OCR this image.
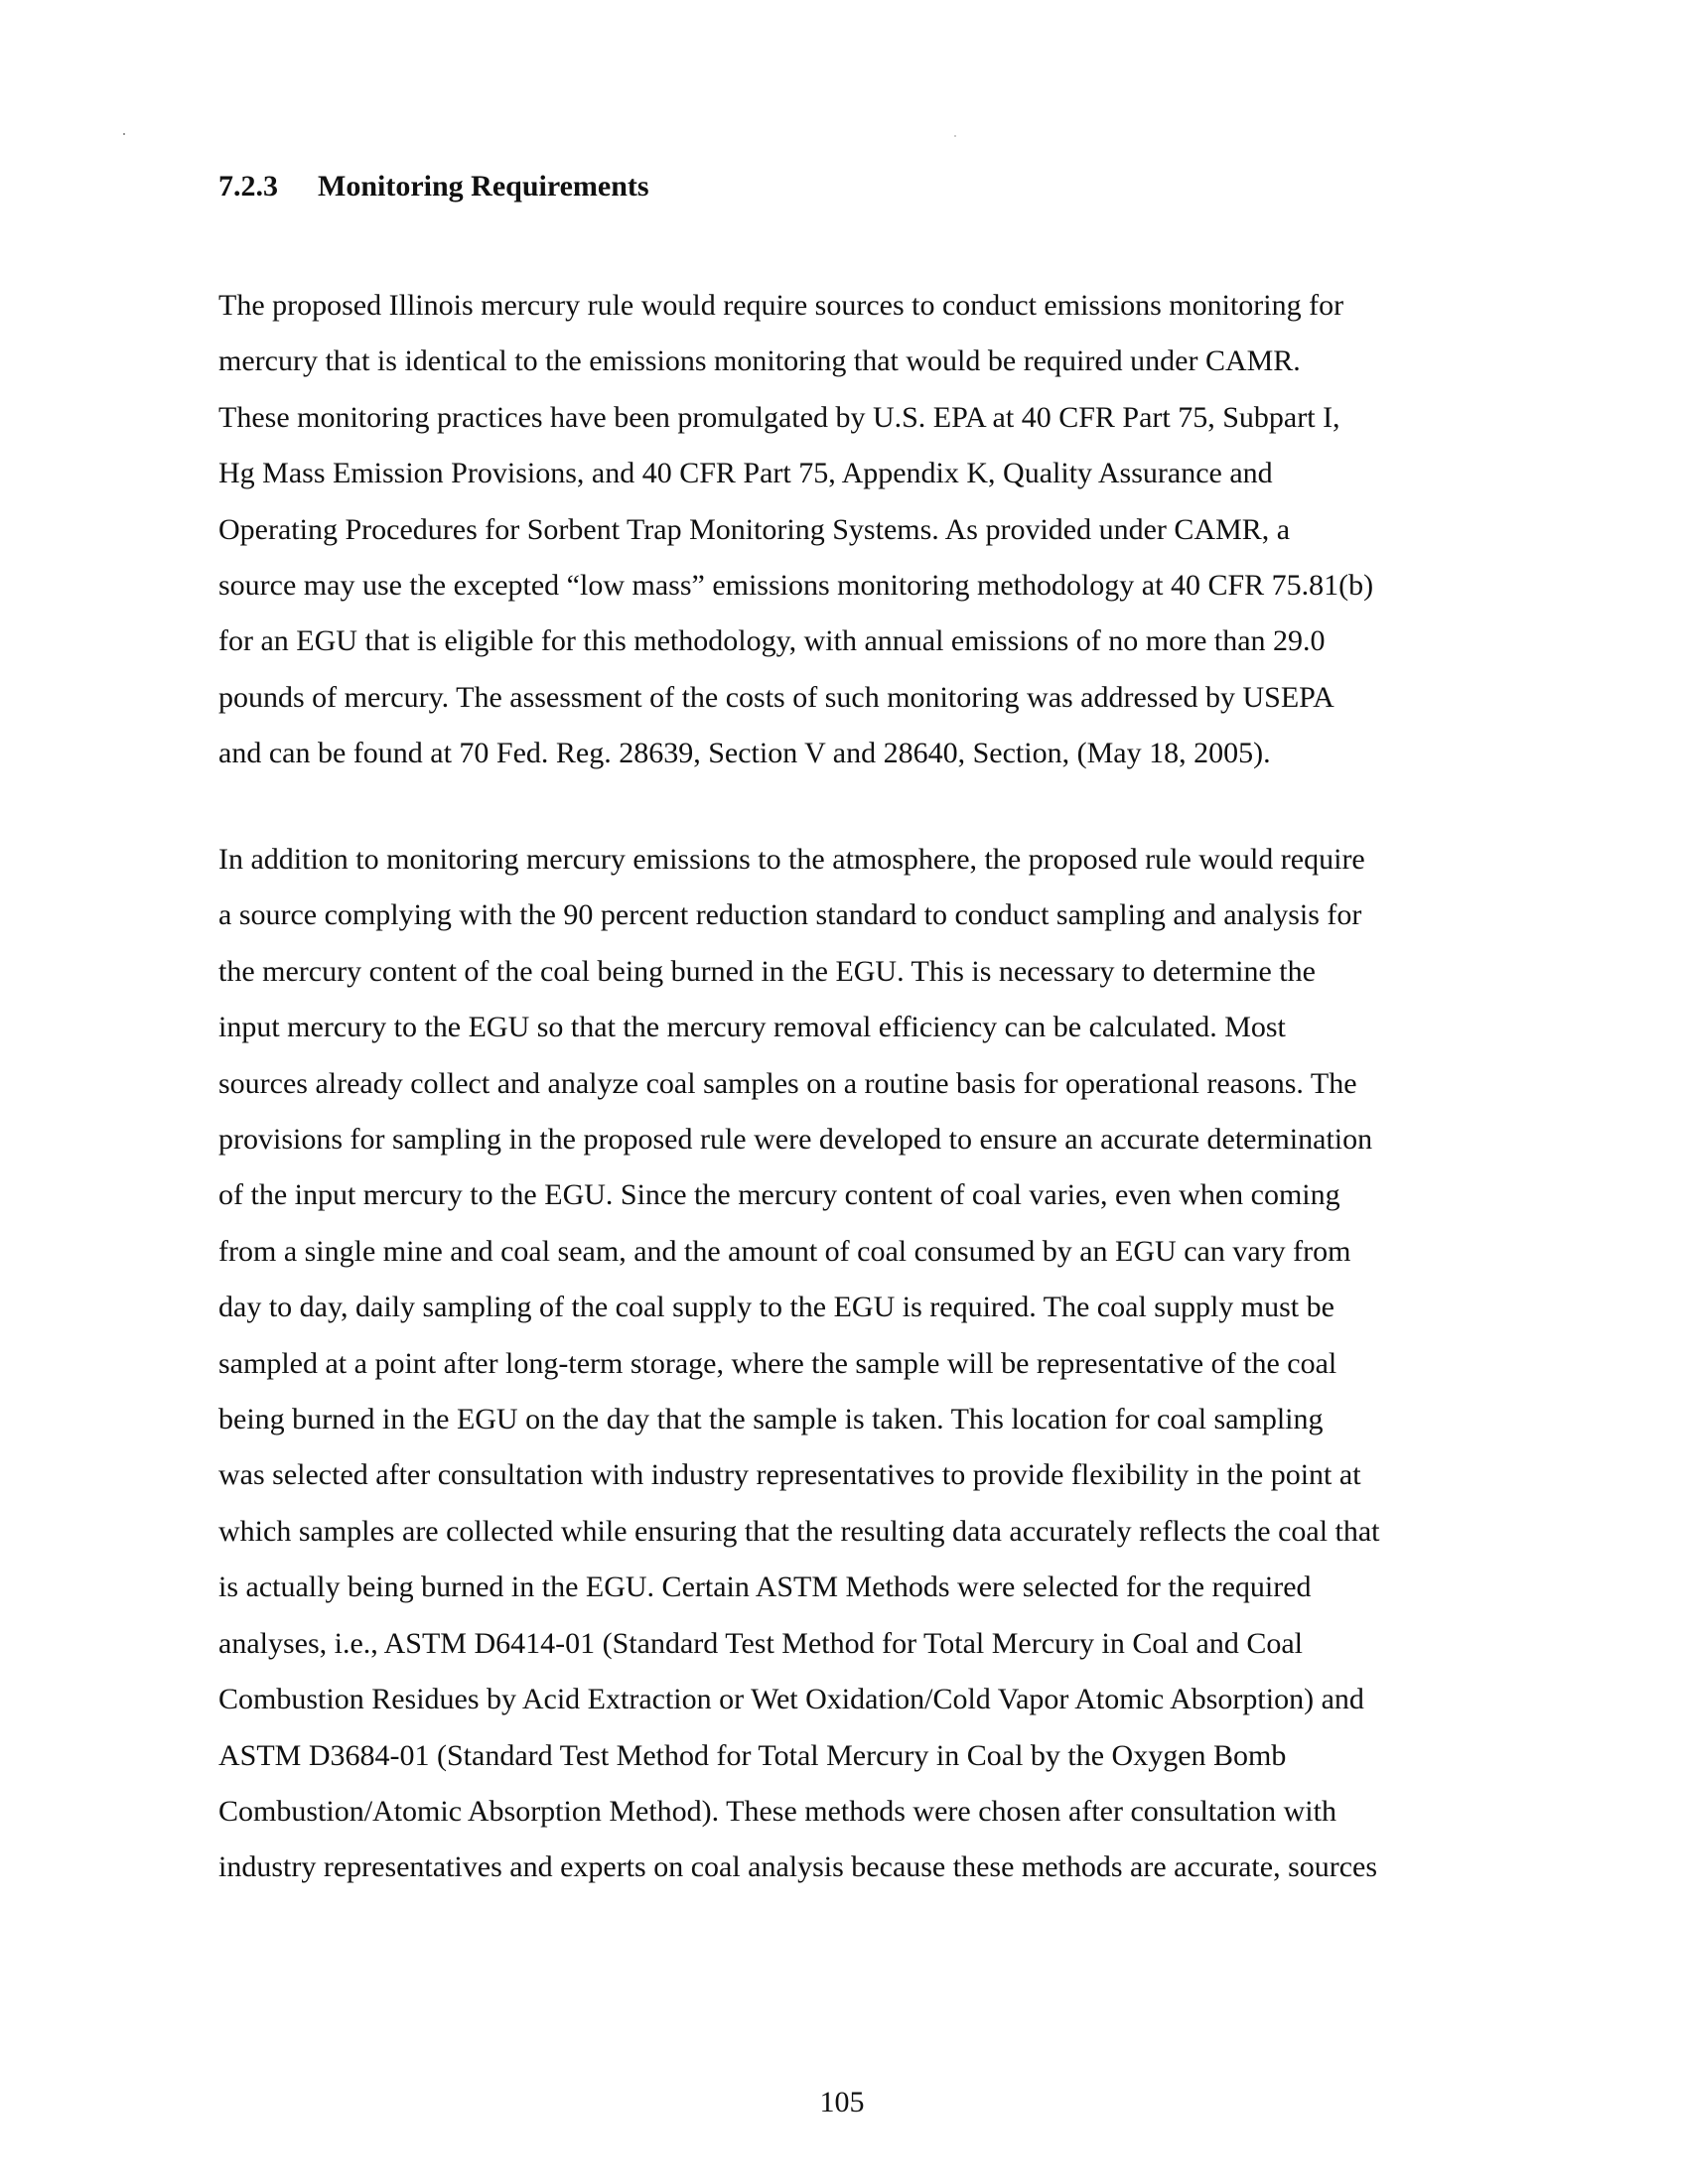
7.2.3 Monitoring Requirements
The proposed Illinois mercury rule would require sources to conduct emissions monitoring for
mercury that is identical to the emissions monitoring that would be required under CAMR.
These monitoring practices have been promulgated by U.S. EPA at 40 CFR Part 75, Subpart I,
Hg Mass Emission Provisions, and 40 CFR Part 75, Appendix K, Quality Assurance and
Operating Procedures for Sorbent Trap Monitoring Systems. As provided under CAMR, a
source may use the excepted “low mass” emissions monitoring methodology at 40 CFR 75.81(b)
for an EGU that is eligible for this methodology, with annual emissions of no more than 29.0
pounds of mercury. The assessment of the costs of such monitoring was addressed by USEPA
and can be found at 70 Fed. Reg. 28639, Section V and 28640, Section, (May 18, 2005).
In addition to monitoring mercury emissions to the atmosphere, the proposed rule would require
a source complying with the 90 percent reduction standard to conduct sampling and analysis for
the mercury content of the coal being burned in the EGU. This is necessary to determine the
input mercury to the EGU so that the mercury removal efficiency can be calculated. Most
sources already collect and analyze coal samples on a routine basis for operational reasons. The
provisions for sampling in the proposed rule were developed to ensure an accurate determination
of the input mercury to the EGU. Since the mercury content of coal varies, even when coming
from a single mine and coal seam, and the amount of coal consumed by an EGU can vary from
day to day, daily sampling of the coal supply to the EGU is required. The coal supply must be
sampled at a point after long-term storage, where the sample will be representative of the coal
being burned in the EGU on the day that the sample is taken. This location for coal sampling
was selected after consultation with industry representatives to provide flexibility in the point at
which samples are collected while ensuring that the resulting data accurately reflects the coal that
is actually being burned in the EGU. Certain ASTM Methods were selected for the required
analyses, i.e., ASTM D6414-01 (Standard Test Method for Total Mercury in Coal and Coal
Combustion Residues by Acid Extraction or Wet Oxidation/Cold Vapor Atomic Absorption) and
ASTM D3684-01 (Standard Test Method for Total Mercury in Coal by the Oxygen Bomb
Combustion/Atomic Absorption Method). These methods were chosen after consultation with
industry representatives and experts on coal analysis because these methods are accurate, sources
105
